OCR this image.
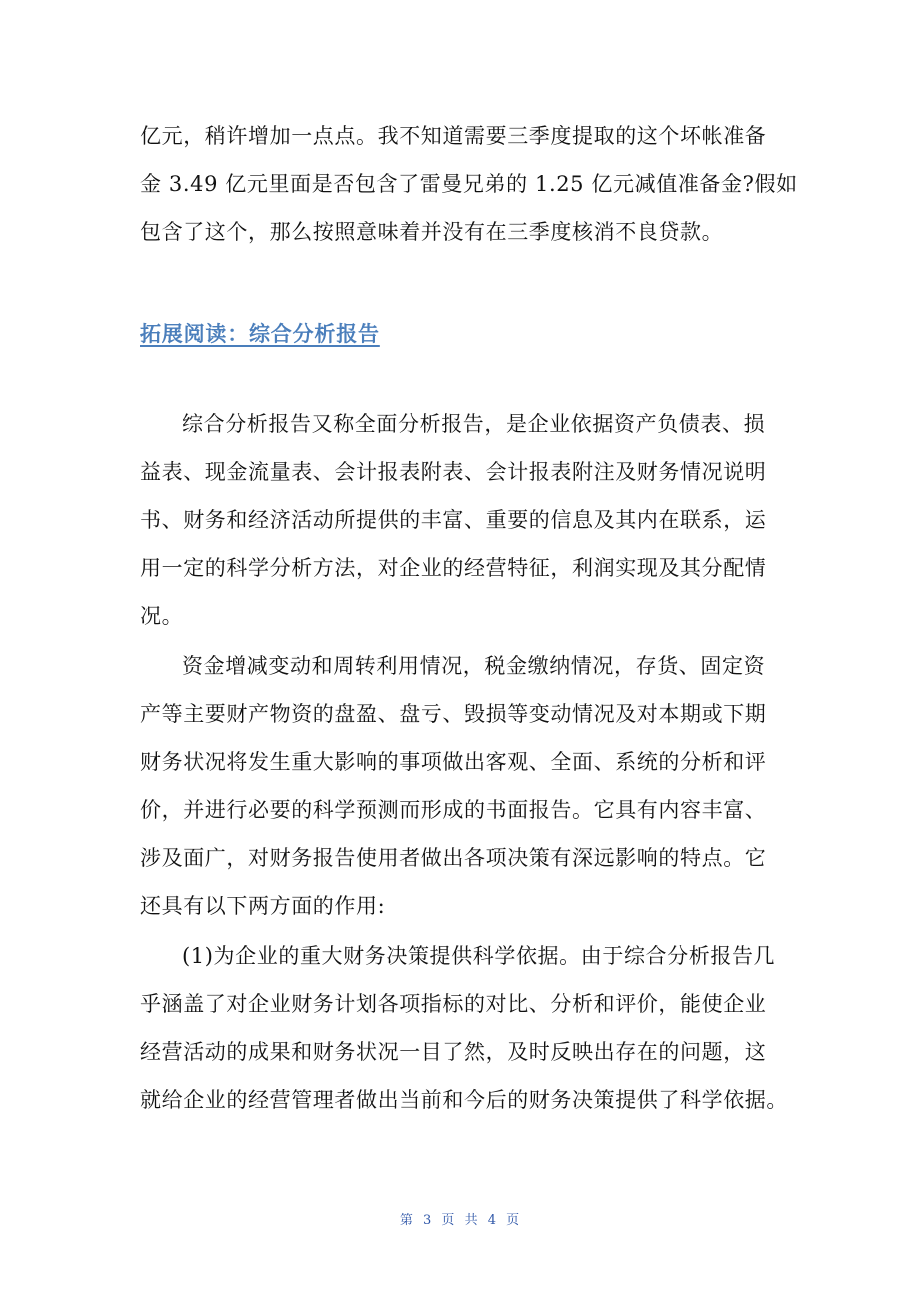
亿元，稍许增加一点点。我不知道需要三季度提取的这个坏帐准备
金 3.49 亿元里面是否包含了雷曼兄弟的 1.25 亿元减值准备金?假如
包含了这个，那么按照意味着并没有在三季度核消不良贷款。
拓展阅读：综合分析报告
综合分析报告又称全面分析报告，是企业依据资产负债表、损
益表、现金流量表、会计报表附表、会计报表附注及财务情况说明
书、财务和经济活动所提供的丰富、重要的信息及其内在联系，运
用一定的科学分析方法，对企业的经营特征，利润实现及其分配情
况。
资金增减变动和周转利用情况，税金缴纳情况，存货、固定资
产等主要财产物资的盘盈、盘亏、毁损等变动情况及对本期或下期
财务状况将发生重大影响的事项做出客观、全面、系统的分析和评
价，并进行必要的科学预测而形成的书面报告。它具有内容丰富、
涉及面广，对财务报告使用者做出各项决策有深远影响的特点。它
还具有以下两方面的作用:
(1)为企业的重大财务决策提供科学依据。由于综合分析报告几
乎涵盖了对企业财务计划各项指标的对比、分析和评价，能使企业
经营活动的成果和财务状况一目了然，及时反映出存在的问题，这
就给企业的经营管理者做出当前和今后的财务决策提供了科学依据。
第 3 页 共 4 页
